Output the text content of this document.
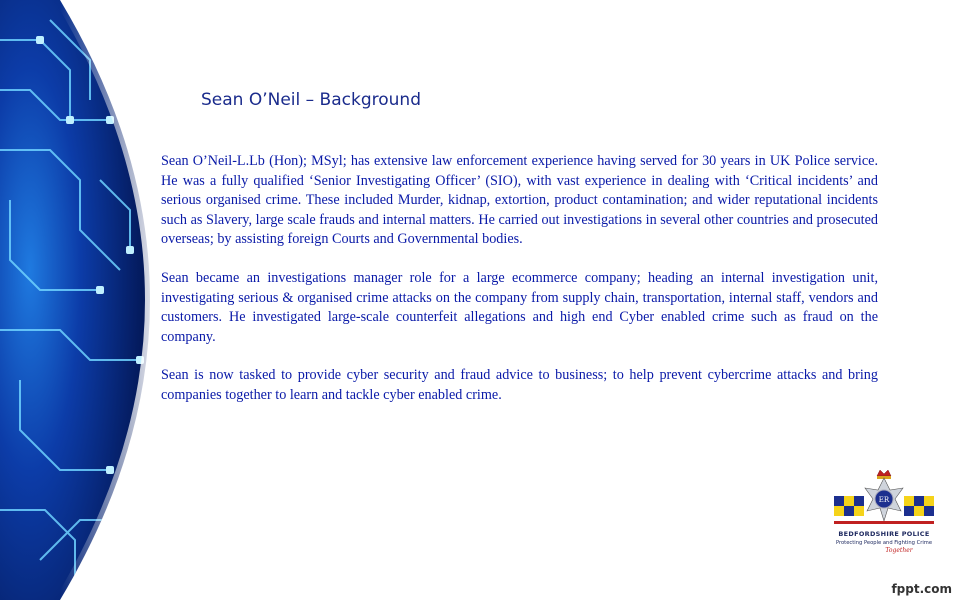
Sean O’Neil – Background

Sean O’Neil-L.Lb (Hon); MSyl; has extensive law enforcement experience having served for 30 years in UK Police service. He was a fully qualified ‘Senior Investigating Officer’ (SIO), with vast experience in dealing with ‘Critical incidents’ and serious organised crime. These included Murder, kidnap, extortion, product contamination; and wider reputational incidents such as Slavery, large scale frauds and internal matters. He carried out investigations in several other countries and prosecuted overseas; by assisting foreign Courts and Governmental bodies.

Sean became an investigations manager role for a large ecommerce company; heading an internal investigation unit, investigating serious & organised crime attacks on the company from supply chain, transportation, internal staff, vendors and customers. He investigated large-scale counterfeit allegations and high end Cyber enabled crime such as fraud on the company.

Sean is now tasked to provide cyber security and fraud advice to business; to help prevent cybercrime attacks and bring companies together to learn and tackle cyber enabled crime.

ER
BEDFORDSHIRE POLICE
Protecting People and Fighting Crime
Together
fppt.com
